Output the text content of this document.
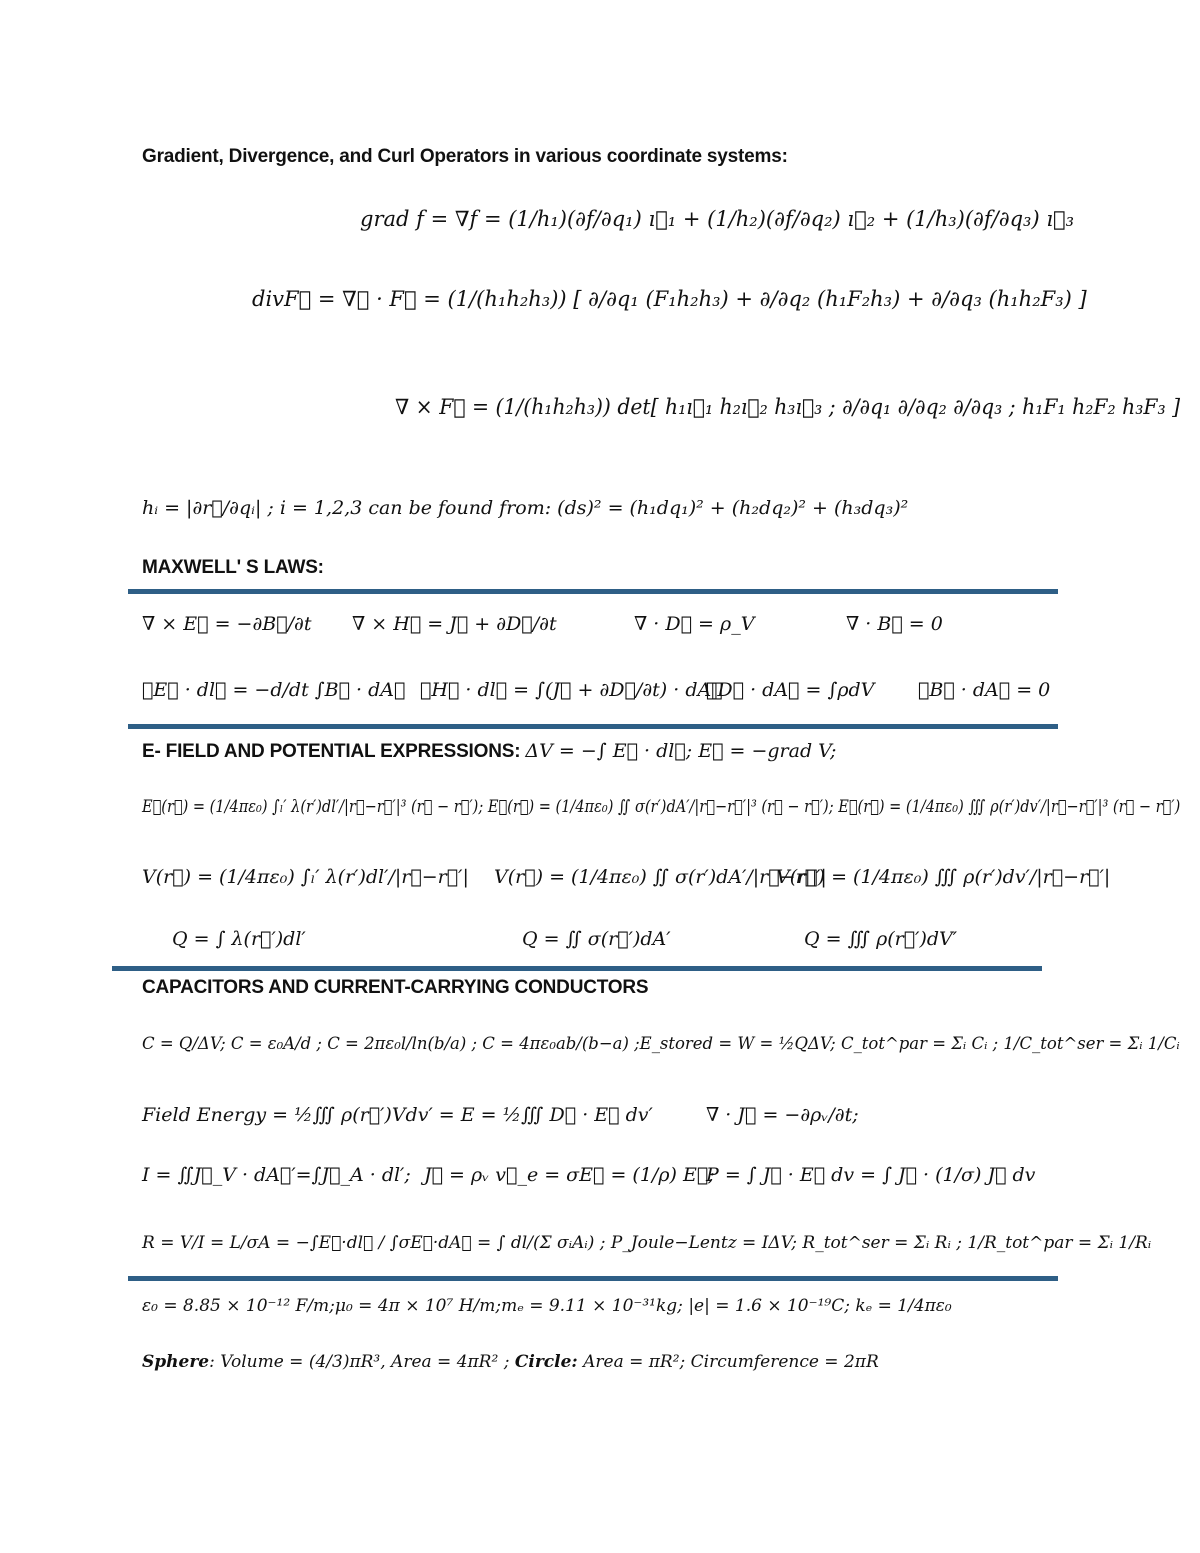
Gradient, Divergence, and Curl Operators in various coordinate systems:
grad f = ∇f = (1/h₁)(∂f/∂q₁) ı⃗₁ + (1/h₂)(∂f/∂q₂) ı⃗₂ + (1/h₃)(∂f/∂q₃) ı⃗₃
divF⃗ = ∇⃗ · F⃗ = (1/(h₁h₂h₃)) [ ∂/∂q₁ (F₁h₂h₃) + ∂/∂q₂ (h₁F₂h₃) + ∂/∂q₃ (h₁h₂F₃) ]
∇ × F⃗ = (1/(h₁h₂h₃)) det[ h₁ı⃗₁ h₂ı⃗₂ h₃ı⃗₃ ; ∂/∂q₁ ∂/∂q₂ ∂/∂q₃ ; h₁F₁ h₂F₂ h₃F₃ ]
hᵢ = |∂r⃗/∂qᵢ| ; i = 1,2,3 can be found from: (ds)² = (h₁dq₁)² + (h₂dq₂)² + (h₃dq₃)²
MAXWELL' S LAWS:
∇ × E⃗ = −∂B⃗/∂t ∇ × H⃗ = J⃗ + ∂D⃗/∂t	∇ · D⃗ = ρ_V	∇ · B⃗ = 0
∮E⃗ · dl⃗ = −d/dt ∫B⃗ · dA⃗ ∮H⃗ · dl⃗ = ∫(J⃗ + ∂D⃗/∂t) · dA⃗
∮D⃗ · dA⃗ = ∫ρdV ∮B⃗ · dA⃗ = 0
E- FIELD AND POTENTIAL EXPRESSIONS: ΔV = −∫ E⃗ · dl⃗; E⃗ = −grad V;
E⃗(r⃗) = (1/4πε₀) ∫ₗ′ λ(r′)dl′/|r⃗−r⃗′|³ (r⃗ − r⃗′); E⃗(r⃗) = (1/4πε₀) ∬ σ(r′)dA′/|r⃗−r⃗′|³ (r⃗ − r⃗′); E⃗(r⃗) = (1/4πε₀) ∭ ρ(r′)dv′/|r⃗−r⃗′|³ (r⃗ − r⃗′)
V(r⃗) = (1/4πε₀) ∫ₗ′ λ(r′)dl′/|r⃗−r⃗′| V(r⃗) = (1/4πε₀) ∬ σ(r′)dA′/|r⃗−r⃗′|
V(r⃗) = (1/4πε₀) ∭ ρ(r′)dv′/|r⃗−r⃗′|
Q = ∫ λ(r⃗′)dl′	Q = ∬ σ(r⃗′)dA′	Q = ∭ ρ(r⃗′)dV′
CAPACITORS AND CURRENT-CARRYING CONDUCTORS
C = Q/ΔV; C = ε₀A/d ; C = 2πε₀l/ln(b/a) ; C = 4πε₀ab/(b−a) ;E_stored = W = ½QΔV; C_tot^par = Σᵢ Cᵢ ; 1/C_tot^ser = Σᵢ 1/Cᵢ
Field Energy = ½∭ ρ(r⃗′)Vdv′ = E = ½∭ D⃗ · E⃗ dv′	∇ · J⃗ = −∂ρᵥ/∂t;
I = ∬J⃗_V · dA⃗′=∫J⃗_A · dl′; J⃗ = ρᵥ v⃗_e = σE⃗ = (1/ρ) E⃗;
P = ∫ J⃗ · E⃗ dv = ∫ J⃗ · (1/σ) J⃗ dv
R = V/I = L/σA = −∫E⃗·dl⃗ / ∫σE⃗·dA⃗ = ∫ dl/(Σ σᵢAᵢ) ; P_Joule−Lentz = IΔV; R_tot^ser = Σᵢ Rᵢ ; 1/R_tot^par = Σᵢ 1/Rᵢ
ε₀ = 8.85 × 10⁻¹² F/m;μ₀ = 4π × 10⁷ H/m;mₑ = 9.11 × 10⁻³¹kg; |e| = 1.6 × 10⁻¹⁹C; kₑ = 1/4πε₀
Sphere: Volume = (4/3)πR³, Area = 4πR² ; Circle: Area = πR²; Circumference = 2πR
